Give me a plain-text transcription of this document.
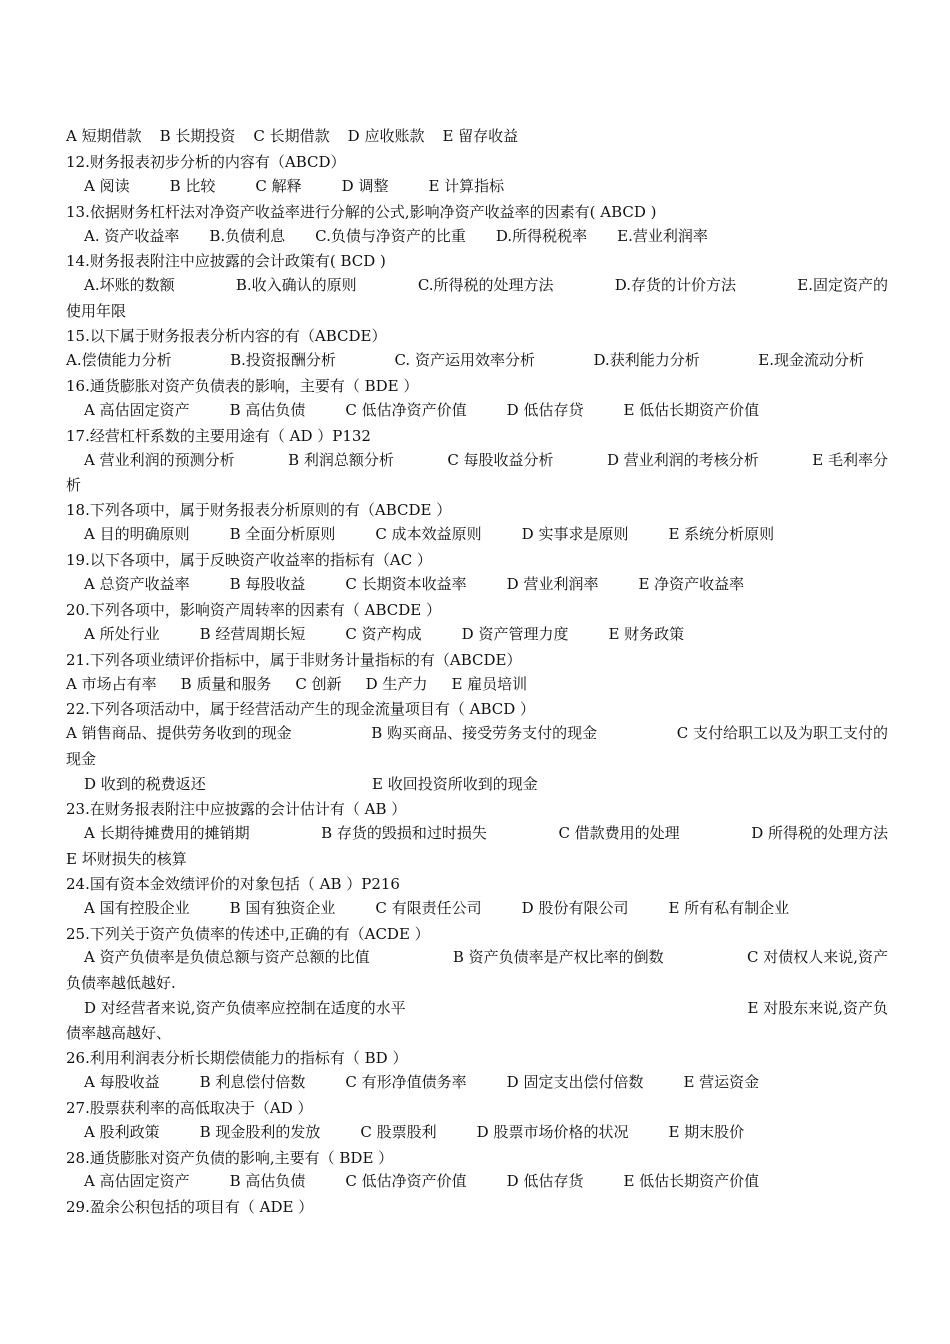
A 短期借款 B 长期投资 C 长期借款 D 应收账款 E 留存收益
12.财务报表初步分析的内容有（ABCD）
A 阅读	B 比较	C 解释	D 调整	E 计算指标
13.依据财务杠杆法对净资产收益率进行分解的公式,影响净资产收益率的因素有( ABCD )
A. 资产收益率 B.负债利息 C.负债与净资产的比重 D.所得税税率 E.营业利润率
14.财务报表附注中应披露的会计政策有( BCD )
A.坏账的数额	B.收入确认的原则	C.所得税的处理方法	D.存货的计价方法	E.固定资产的
使用年限
15.以下属于财务报表分析内容的有（ABCDE）
A.偿债能力分析	B.投资报酬分析	C. 资产运用效率分析	D.获利能力分析	E.现金流动分析
16.通货膨胀对资产负债表的影响，主要有（ BDE ）
A 高估固定资产	B 高估负债	C 低估净资产价值	D 低估存贷	E 低估长期资产价值
17.经营杠杆系数的主要用途有（ AD ）P132
A 营业利润的预测分析	B 利润总额分析	C 每股收益分析	D 营业利润的考核分析	E 毛利率分
析
18.下列各项中，属于财务报表分析原则的有（ABCDE ）
A 目的明确原则	B 全面分析原则	C 成本效益原则	D 实事求是原则	E 系统分析原则
19.以下各项中，属于反映资产收益率的指标有（AC ）
A 总资产收益率	B 每股收益	C 长期资本收益率	D 营业利润率	E 净资产收益率
20.下列各项中，影响资产周转率的因素有（ ABCDE ）
A 所处行业	B 经营周期长短	C 资产构成	D 资产管理力度	E 财务政策
21.下列各项业绩评价指标中，属于非财务计量指标的有（ABCDE）
A 市场占有率 B 质量和服务 C 创新 D 生产力 E 雇员培训
22.下列各项活动中，属于经营活动产生的现金流量项目有（ ABCD ）
A 销售商品、提供劳务收到的现金	B 购买商品、接受劳务支付的现金	C 支付给职工以及为职工支付的
现金
D 收到的税费返还	E 收回投资所收到的现金
23.在财务报表附注中应披露的会计估计有（ AB ）
A 长期待摊费用的摊销期	B 存货的毁损和过时损失	C 借款费用的处理	D 所得税的处理方法
E 坏财损失的核算
24.国有资本金效绩评价的对象包括（ AB ）P216
A 国有控股企业	B 国有独资企业	C 有限责任公司	D 股份有限公司	E 所有私有制企业
25.下列关于资产负债率的传述中,正确的有（ACDE ）
A 资产负债率是负债总额与资产总额的比值	B 资产负债率是产权比率的倒数	C 对债权人来说,资产
负债率越低越好.
D 对经营者来说,资产负债率应控制在适度的水平	E 对股东来说,资产负
债率越高越好、
26.利用利润表分析长期偿债能力的指标有（ BD ）
A 每股收益	B 利息偿付倍数	C 有形净值债务率	D 固定支出偿付倍数	E 营运资金
27.股票获利率的高低取决于（AD ）
A 股利政策	B 现金股利的发放	C 股票股利	D 股票市场价格的状况	E 期末股价
28.通货膨胀对资产负债的影响,主要有（ BDE ）
A 高估固定资产	B 高估负债	C 低估净资产价值	D 低估存货	E 低估长期资产价值
29.盈余公积包括的项目有（ ADE ）
